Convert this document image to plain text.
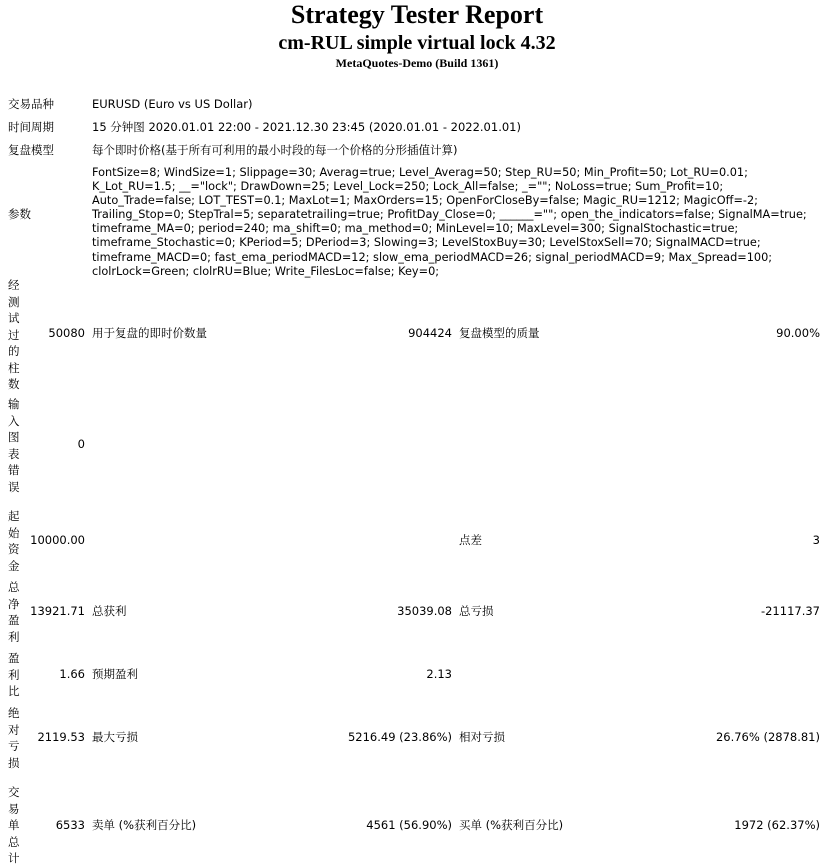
Strategy Tester Report
cm-RUL simple virtual lock 4.32
MetaQuotes-Demo (Build 1361)
交易品种	EURUSD (Euro vs US Dollar)
时间周期	15 分钟图 2020.01.01 22:00 - 2021.12.30 23:45 (2020.01.01 - 2022.01.01)
复盘模型	每个即时价格(基于所有可利用的最小时段的每一个价格的分形插值计算)
参数
FontSize=8; WindSize=1; Slippage=30; Averag=true; Level_Averag=50; Step_RU=50; Min_Profit=50; Lot_RU=0.01; K_Lot_RU=1.5; __="lock"; DrawDown=25; Level_Lock=250; Lock_All=false; _=""; NoLoss=true; Sum_Profit=10; Auto_Trade=false; LOT_TEST=0.1; MaxLot=1; MaxOrders=15; OpenForCloseBy=false; Magic_RU=1212; MagicOff=-2; Trailing_Stop=0; StepTral=5; separatetrailing=true; ProfitDay_Close=0; ______=""; open_the_indicators=false; SignalMA=true; timeframe_MA=0; period=240; ma_shift=0; ma_method=0; MinLevel=10; MaxLevel=300; SignalStochastic=true; timeframe_Stochastic=0; KPeriod=5; DPeriod=3; Slowing=3; LevelStoxBuy=30; LevelStoxSell=70; SignalMACD=true; timeframe_MACD=0; fast_ema_periodMACD=12; slow_ema_periodMACD=26; signal_periodMACD=9; Max_Spread=100; clolrLock=Green; clolrRU=Blue; Write_FilesLoc=false; Key=0;
经测试过的柱数
50080 用于复盘的即时价数量	904424 复盘模型的质量	90.00%
输入图表错误
0
起始资金
10000.00	点差	3
总净盈利
13921.71 总获利	35039.08 总亏损	-21117.37
盈利比
1.66 预期盈利	2.13
绝对亏损
2119.53 最大亏损	5216.49 (23.86%) 相对亏损	26.76% (2878.81)
交易单总计
6533 卖单 (%获利百分比)	4561 (56.90%) 买单 (%获利百分比)	1972 (62.37%)
